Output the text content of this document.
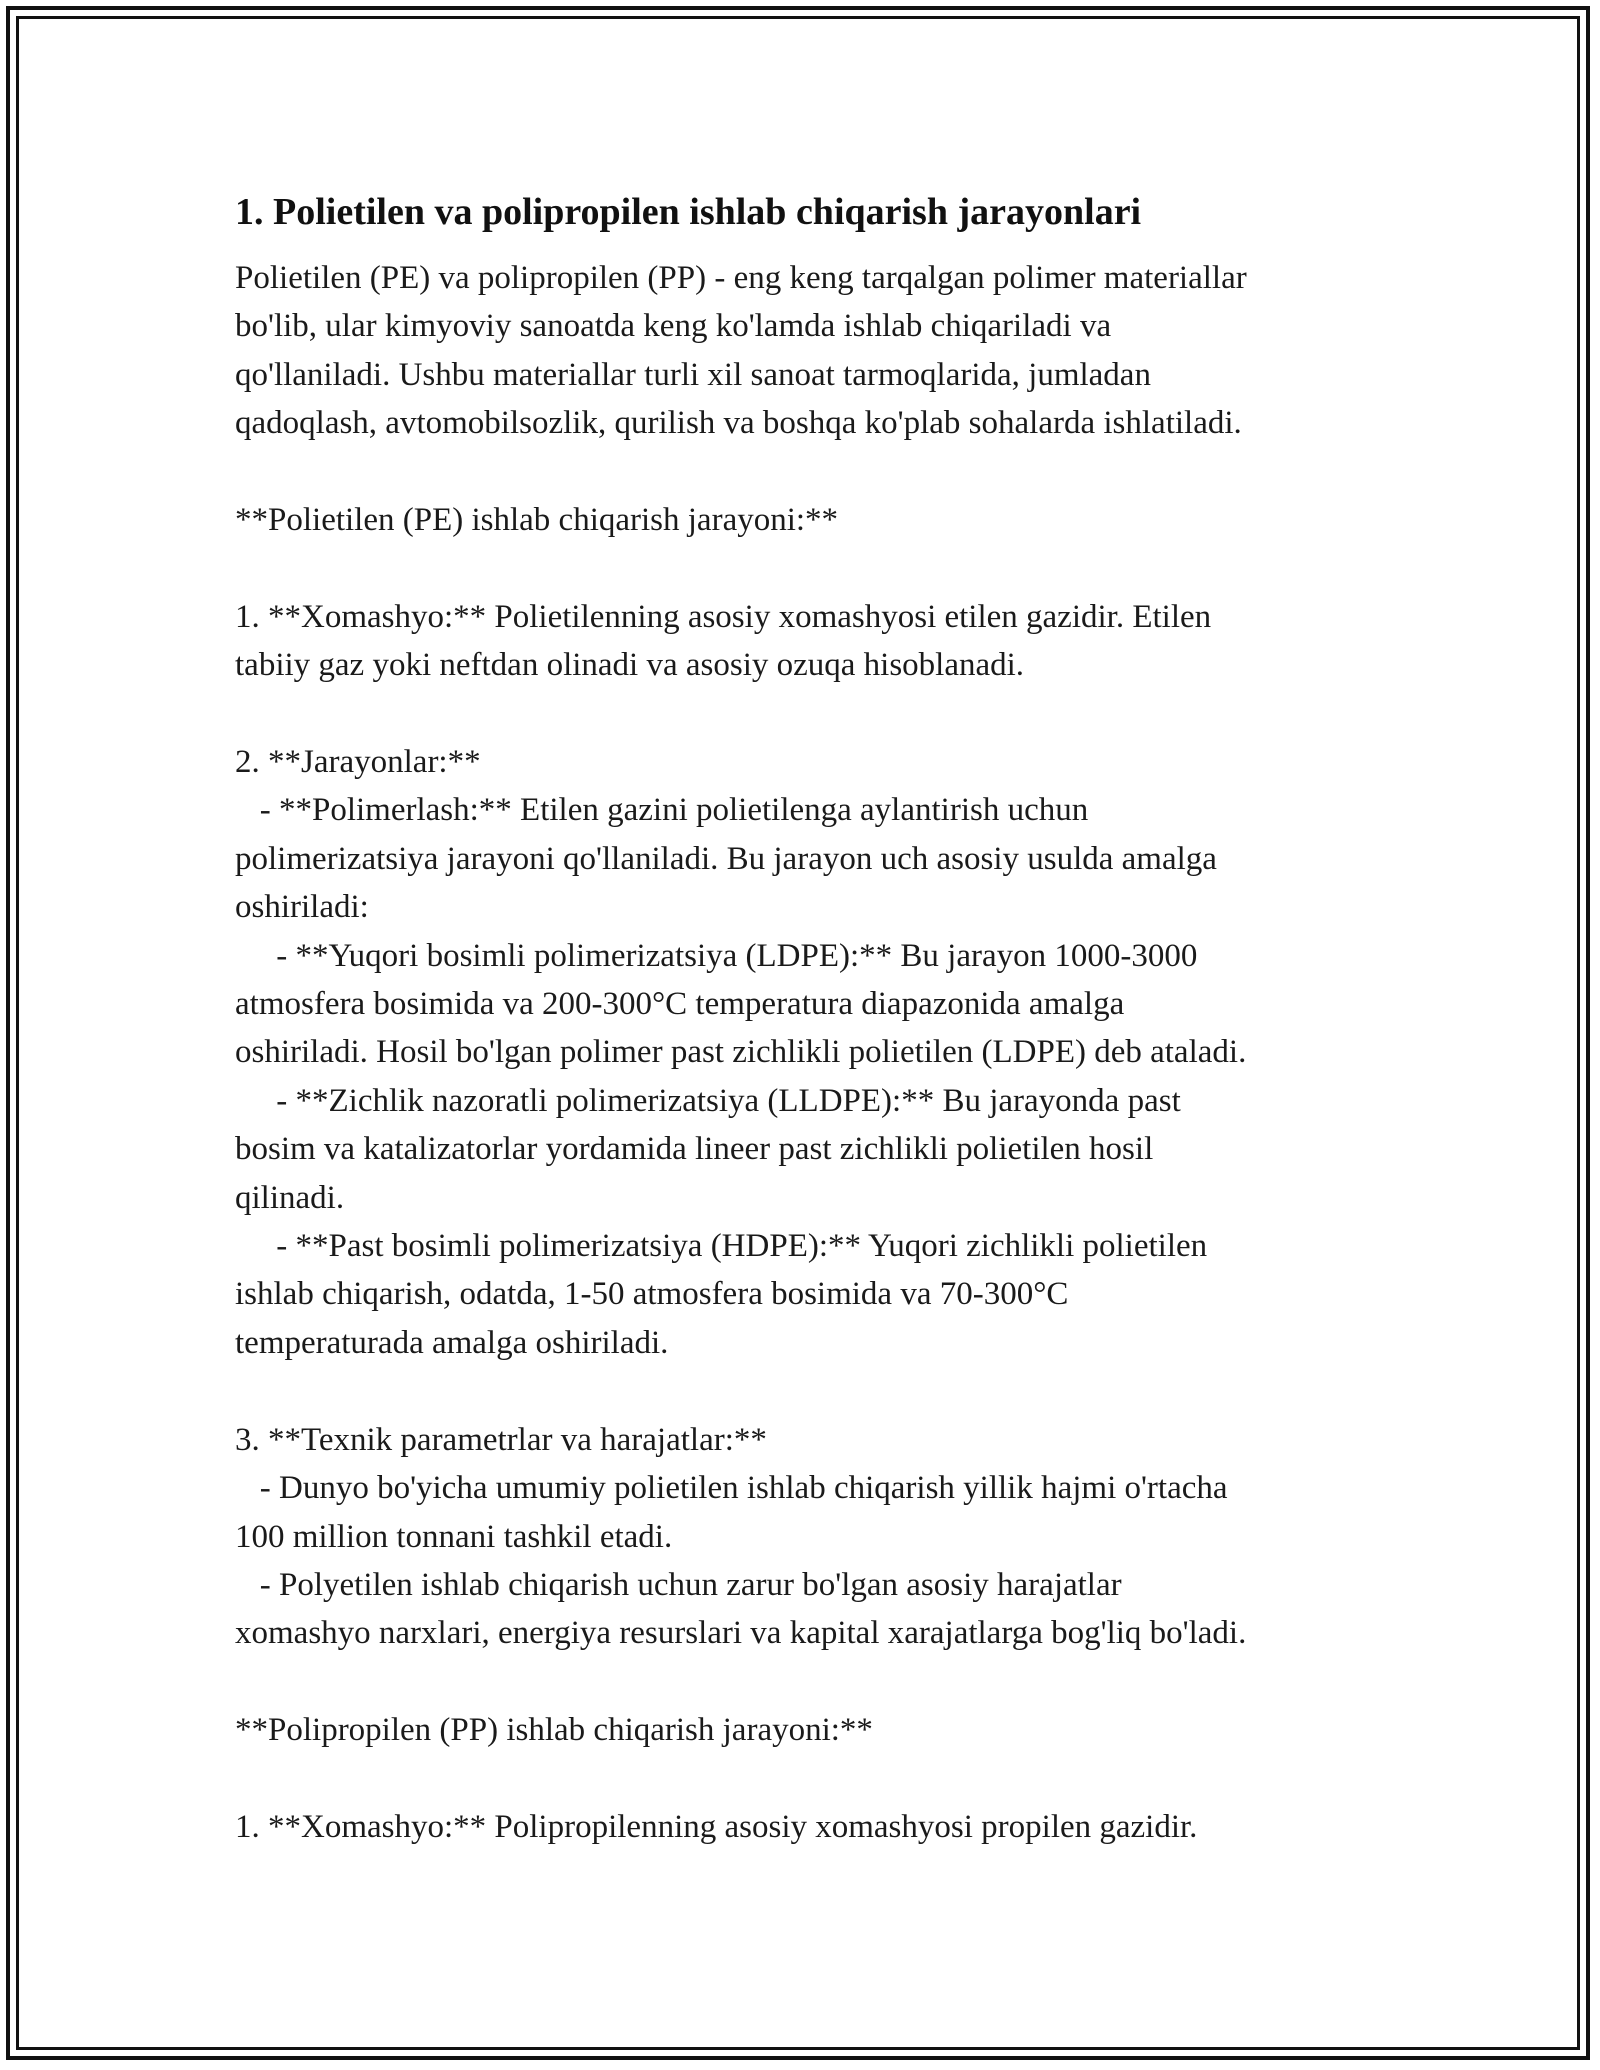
1. Polietilen va polipropilen ishlab chiqarish jarayonlari

Polietilen (PE) va polipropilen (PP) - eng keng tarqalgan polimer materiallar

bo'lib, ular kimyoviy sanoatda keng ko'lamda ishlab chiqariladi va

qo'llaniladi. Ushbu materiallar turli xil sanoat tarmoqlarida, jumladan

qadoqlash, avtomobilsozlik, qurilish va boshqa ko'plab sohalarda ishlatiladi.

**Polietilen (PE) ishlab chiqarish jarayoni:**

1. **Xomashyo:** Polietilenning asosiy xomashyosi etilen gazidir. Etilen

tabiiy gaz yoki neftdan olinadi va asosiy ozuqa hisoblanadi.

2. **Jarayonlar:**

- **Polimerlash:** Etilen gazini polietilenga aylantirish uchun

polimerizatsiya jarayoni qo'llaniladi. Bu jarayon uch asosiy usulda amalga

oshiriladi:

- **Yuqori bosimli polimerizatsiya (LDPE):** Bu jarayon 1000-3000

atmosfera bosimida va 200-300°C temperatura diapazonida amalga

oshiriladi. Hosil bo'lgan polimer past zichlikli polietilen (LDPE) deb ataladi.

- **Zichlik nazoratli polimerizatsiya (LLDPE):** Bu jarayonda past

bosim va katalizatorlar yordamida lineer past zichlikli polietilen hosil

qilinadi.

- **Past bosimli polimerizatsiya (HDPE):** Yuqori zichlikli polietilen

ishlab chiqarish, odatda, 1-50 atmosfera bosimida va 70-300°C

temperaturada amalga oshiriladi.

3. **Texnik parametrlar va harajatlar:**

- Dunyo bo'yicha umumiy polietilen ishlab chiqarish yillik hajmi o'rtacha

100 million tonnani tashkil etadi.

- Polyetilen ishlab chiqarish uchun zarur bo'lgan asosiy harajatlar

xomashyo narxlari, energiya resurslari va kapital xarajatlarga bog'liq bo'ladi.

**Polipropilen (PP) ishlab chiqarish jarayoni:**

1. **Xomashyo:** Polipropilenning asosiy xomashyosi propilen gazidir.
